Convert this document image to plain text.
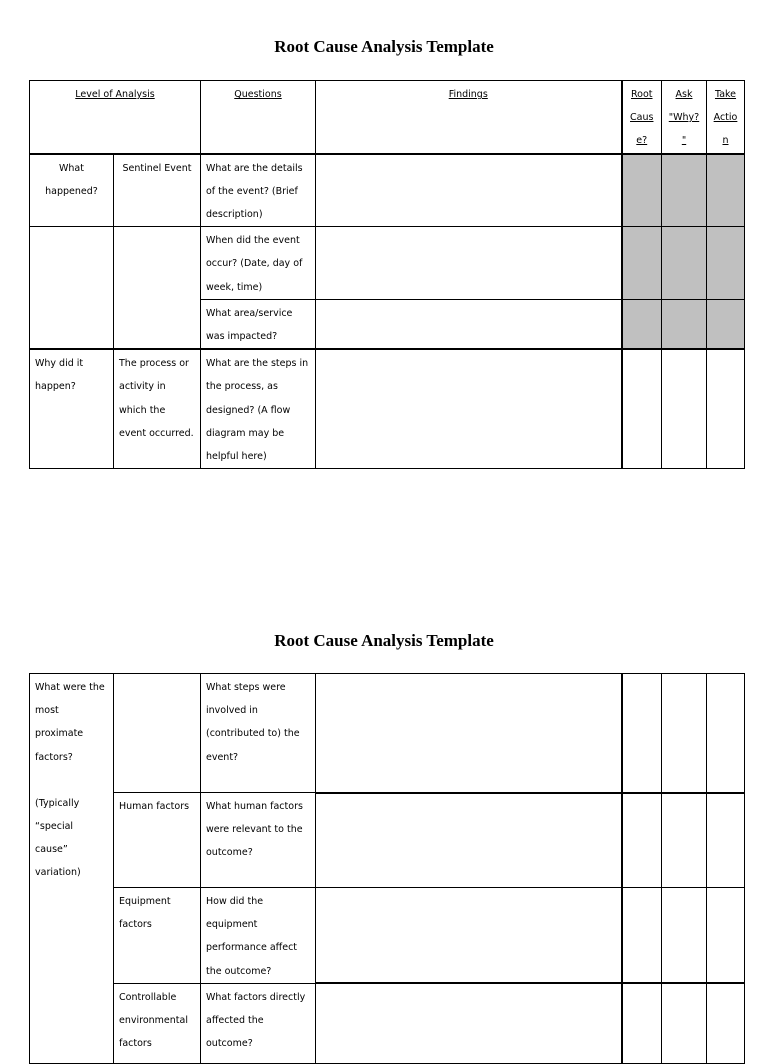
Root Cause Analysis Template
Level of Analysis		Questions	Findings	Root Caus e?	Ask "Why? "	Take Actio n
What happened?	Sentinel Event	What are the details of the event? (Brief description)				
		When did the event occur? (Date, day of week, time)				
		What area/service was impacted?				
Why did it happen?	The process or activity in which the event occurred.	What are the steps in the process, as designed? (A flow diagram may be helpful here)				
Root Cause Analysis Template
What were the most proximate factors?
(Typically “special cause” variation)		What steps were involved in (contributed to) the event?				
	Human factors	What human factors were relevant to the outcome?				
	Equipment factors	How did the equipment performance affect the outcome?				
	Controllable environmental factors	What factors directly affected the outcome?				
